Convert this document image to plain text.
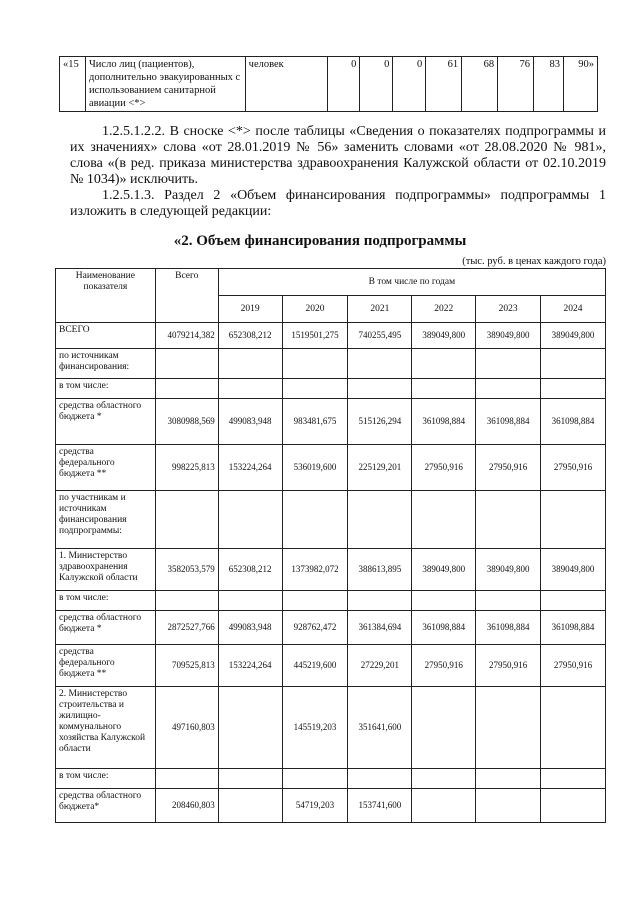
«15	Число лиц (пациентов), дополнительно эвакуированных с использованием санитарной авиации <*>	человек	0	0	0	61	68	76	83	90»
1.2.5.1.2.2. В сноске <*> после таблицы «Сведения о показателях подпрограммы и их значениях» слова «от 28.01.2019 № 56» заменить словами «от 28.08.2020 № 981», слова «(в ред. приказа министерства здравоохранения Калужской области от 02.10.2019 № 1034)» исключить.
1.2.5.1.3. Раздел 2 «Объем финансирования подпрограммы» подпрограммы 1 изложить в следующей редакции:
«2. Объем финансирования подпрограммы
(тыс. руб. в ценах каждого года)
Наименование показателя	Всего	В том числе по годам					
		2019	2020	2021	2022	2023	2024
ВСЕГО	4079214,382	652308,212	1519501,275	740255,495	389049,800	389049,800	389049,800
по источникам финансирования:							
в том числе:							
средства областного бюджета *	3080988,569	499083,948	983481,675	515126,294	361098,884	361098,884	361098,884
средства федерального бюджета **	998225,813	153224,264	536019,600	225129,201	27950,916	27950,916	27950,916
по участникам и источникам финансирования подпрограммы:							
1. Министерство здравоохранения Калужской области	3582053,579	652308,212	1373982,072	388613,895	389049,800	389049,800	389049,800
в том числе:							
средства областного бюджета *	2872527,766	499083,948	928762,472	361384,694	361098,884	361098,884	361098,884
средства федерального бюджета **	709525,813	153224,264	445219,600	27229,201	27950,916	27950,916	27950,916
2. Министерство строительства и жилищно-коммунального хозяйства Калужской области	497160,803		145519,203	351641,600			
в том числе:							
средства областного бюджета*	208460,803		54719,203	153741,600			
